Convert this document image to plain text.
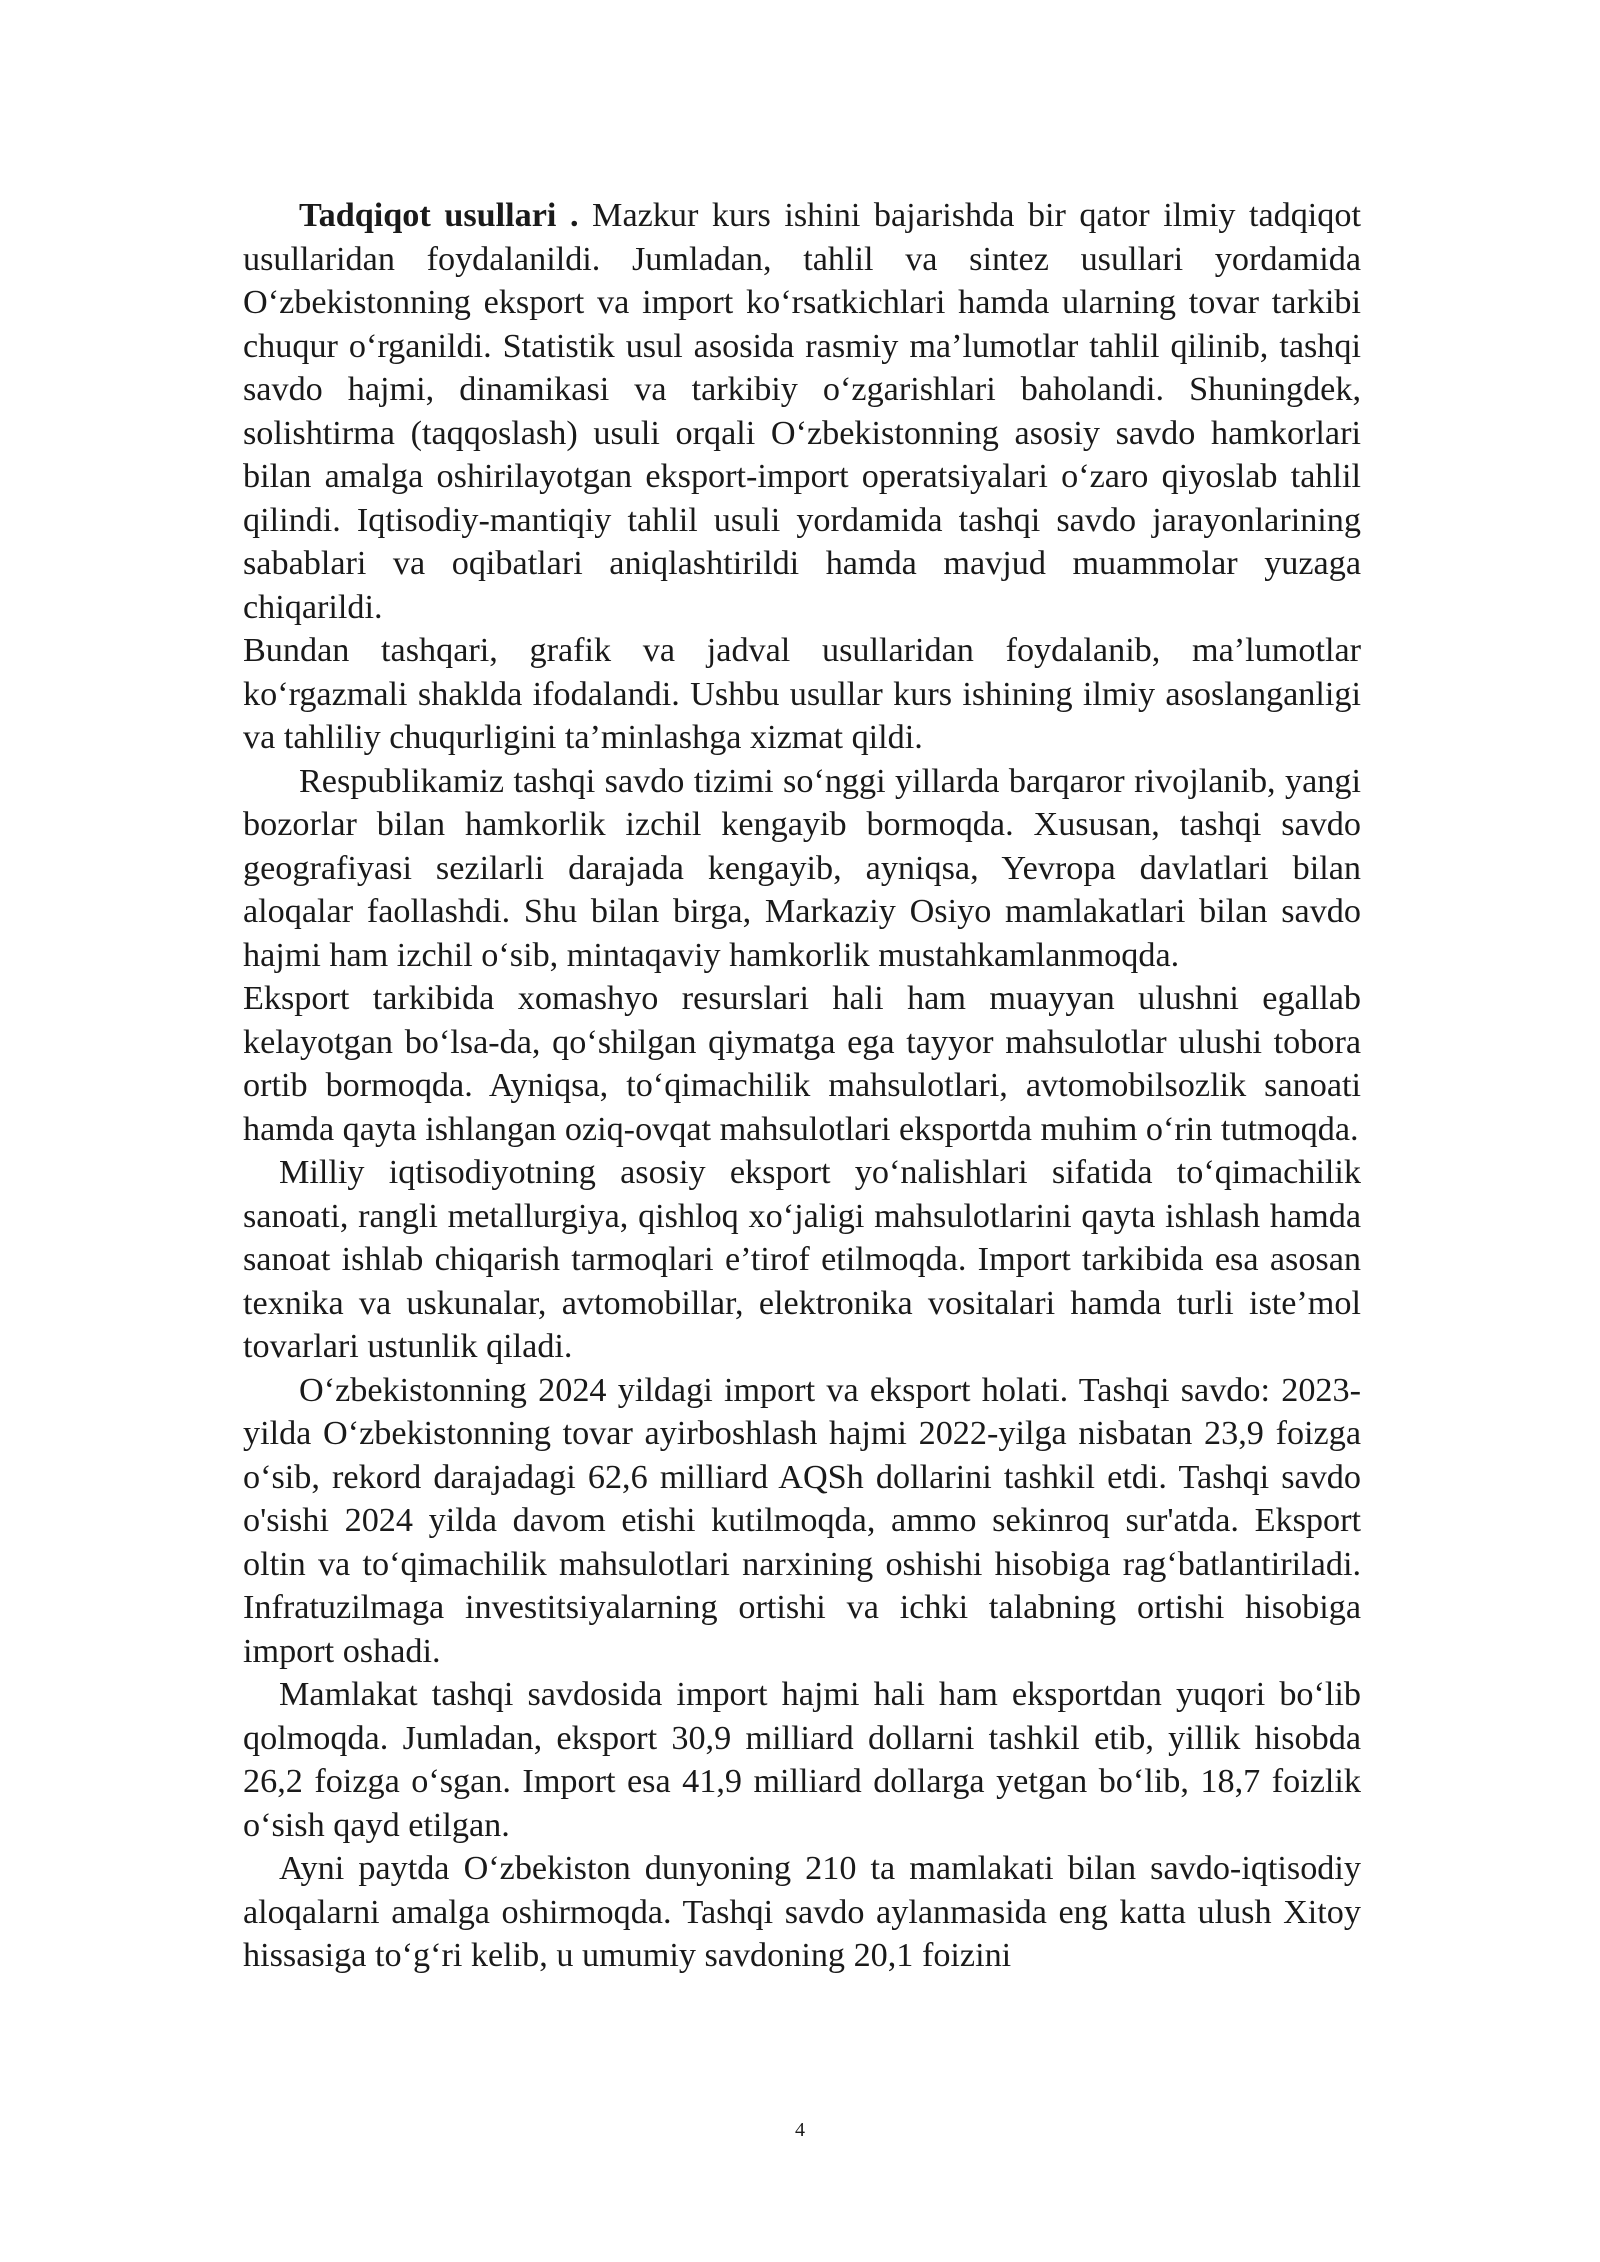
Tadqiqot usullari . Mazkur kurs ishini bajarishda bir qator ilmiy tadqiqot usullaridan foydalanildi. Jumladan, tahlil va sintez usullari yordamida O‘zbekistonning eksport va import ko‘rsatkichlari hamda ularning tovar tarkibi chuqur o‘rganildi. Statistik usul asosida rasmiy ma’lumotlar tahlil qilinib, tashqi savdo hajmi, dinamikasi va tarkibiy o‘zgarishlari baholandi. Shuningdek, solishtirma (taqqoslash) usuli orqali O‘zbekistonning asosiy savdo hamkorlari bilan amalga oshirilayotgan eksport-import operatsiyalari o‘zaro qiyoslab tahlil qilindi. Iqtisodiy-mantiqiy tahlil usuli yordamida tashqi savdo jarayonlarining sabablari va oqibatlari aniqlashtirildi hamda mavjud muammolar yuzaga chiqarildi.

Bundan tashqari, grafik va jadval usullaridan foydalanib, ma’lumotlar ko‘rgazmali shaklda ifodalandi. Ushbu usullar kurs ishining ilmiy asoslanganligi va tahliliy chuqurligini ta’minlashga xizmat qildi.

Respublikamiz tashqi savdo tizimi so‘nggi yillarda barqaror rivojlanib, yangi bozorlar bilan hamkorlik izchil kengayib bormoqda. Xususan, tashqi savdo geografiyasi sezilarli darajada kengayib, ayniqsa, Yevropa davlatlari bilan aloqalar faollashdi. Shu bilan birga, Markaziy Osiyo mamlakatlari bilan savdo hajmi ham izchil o‘sib, mintaqaviy hamkorlik mustahkamlanmoqda.

Eksport tarkibida xomashyo resurslari hali ham muayyan ulushni egallab kelayotgan bo‘lsa-da, qo‘shilgan qiymatga ega tayyor mahsulotlar ulushi tobora ortib bormoqda. Ayniqsa, to‘qimachilik mahsulotlari, avtomobilsozlik sanoati hamda qayta ishlangan oziq-ovqat mahsulotlari eksportda muhim o‘rin tutmoqda.

Milliy iqtisodiyotning asosiy eksport yo‘nalishlari sifatida to‘qimachilik sanoati, rangli metallurgiya, qishloq xo‘jaligi mahsulotlarini qayta ishlash hamda sanoat ishlab chiqarish tarmoqlari e’tirof etilmoqda. Import tarkibida esa asosan texnika va uskunalar, avtomobillar, elektronika vositalari hamda turli iste’mol tovarlari ustunlik qiladi.

O‘zbekistonning 2024 yildagi import va eksport holati. Tashqi savdo: 2023-yilda O‘zbekistonning tovar ayirboshlash hajmi 2022-yilga nisbatan 23,9 foizga o‘sib, rekord darajadagi 62,6 milliard AQSh dollarini tashkil etdi. Tashqi savdo o'sishi 2024 yilda davom etishi kutilmoqda, ammo sekinroq sur'atda. Eksport oltin va to‘qimachilik mahsulotlari narxining oshishi hisobiga rag‘batlantiriladi. Infratuzilmaga investitsiyalarning ortishi va ichki talabning ortishi hisobiga import oshadi.

Mamlakat tashqi savdosida import hajmi hali ham eksportdan yuqori bo‘lib qolmoqda. Jumladan, eksport 30,9 milliard dollarni tashkil etib, yillik hisobda 26,2 foizga o‘sgan. Import esa 41,9 milliard dollarga yetgan bo‘lib, 18,7 foizlik o‘sish qayd etilgan.

Ayni paytda O‘zbekiston dunyoning 210 ta mamlakati bilan savdo-iqtisodiy aloqalarni amalga oshirmoqda. Tashqi savdo aylanmasida eng katta ulush Xitoy hissasiga to‘g‘ri kelib, u umumiy savdoning 20,1 foizini

4
